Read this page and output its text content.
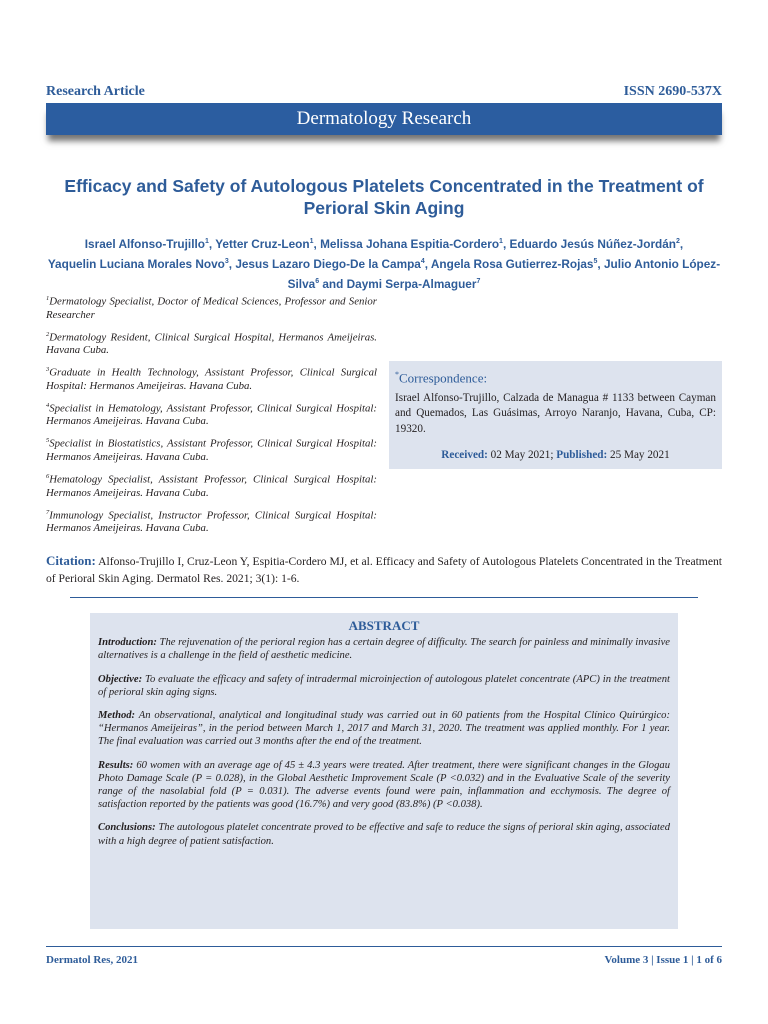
Research Article	ISSN 2690-537X
Dermatology Research
Efficacy and Safety of Autologous Platelets Concentrated in the Treatment of Perioral Skin Aging
Israel Alfonso-Trujillo$^1$, Yetter Cruz-Leon$^1$, Melissa Johana Espitia-Cordero$^1$, Eduardo Jesús Núñez-Jordán$^2$,
Yaquelin Luciana Morales Novo$^3$, Jesus Lazaro Diego-De la Campa$^4$, Angela Rosa Gutierrez-Rojas$^5$, Julio Antonio López-Silva$^6$ and Daymi Serpa-Almaguer$^7$

$^1$Dermatology Specialist, Doctor of Medical Sciences, Professor and Senior Researcher

$^2$Dermatology Resident, Clinical Surgical Hospital, Hermanos Ameijeiras. Havana Cuba.

$^3$Graduate in Health Technology, Assistant Professor, Clinical Surgical Hospital: Hermanos Ameijeiras. Havana Cuba.

$^4$Specialist in Hematology, Assistant Professor, Clinical Surgical Hospital: Hermanos Ameijeiras. Havana Cuba.

$^5$Specialist in Biostatistics, Assistant Professor, Clinical Surgical Hospital: Hermanos Ameijeiras. Havana Cuba.

$^6$Hematology Specialist, Assistant Professor, Clinical Surgical Hospital: Hermanos Ameijeiras. Havana Cuba.

$^7$Immunology Specialist, Instructor Professor, Clinical Surgical Hospital: Hermanos Ameijeiras. Havana Cuba.

*Correspondence:
Israel Alfonso-Trujillo, Calzada de Managua # 1133 between Cayman and Quemados, Las Guásimas, Arroyo Naranjo, Havana, Cuba, CP: 19320.
Received: 02 May 2021; Published: 25 May 2021
Citation: Alfonso-Trujillo I, Cruz-Leon Y, Espitia-Cordero MJ, et al. Efficacy and Safety of Autologous Platelets Concentrated in the Treatment of Perioral Skin Aging. Dermatol Res. 2021; 3(1): 1-6.
ABSTRACT

Introduction: The rejuvenation of the perioral region has a certain degree of difficulty. The search for painless and minimally invasive alternatives is a challenge in the field of aesthetic medicine.

Objective: To evaluate the efficacy and safety of intradermal microinjection of autologous platelet concentrate (APC) in the treatment of perioral skin aging signs.

Method: An observational, analytical and longitudinal study was carried out in 60 patients from the Hospital Clínico Quirúrgico: “Hermanos Ameijeiras”, in the period between March 1, 2017 and March 31, 2020. The treatment was applied monthly. For 1 year. The final evaluation was carried out 3 months after the end of the treatment.

Results: 60 women with an average age of 45 ± 4.3 years were treated. After treatment, there were significant changes in the Glogau Photo Damage Scale (P = 0.028), in the Global Aesthetic Improvement Scale (P <0.032) and in the Evaluative Scale of the severity range of the nasolabial fold (P = 0.031). The adverse events found were pain, inflammation and ecchymosis. The degree of satisfaction reported by the patients was good (16.7%) and very good (83.8%) (P <0.038).

Conclusions: The autologous platelet concentrate proved to be effective and safe to reduce the signs of perioral skin aging, associated with a high degree of patient satisfaction.

Dermatol Res, 2021	Volume 3 | Issue 1 | 1 of 6
